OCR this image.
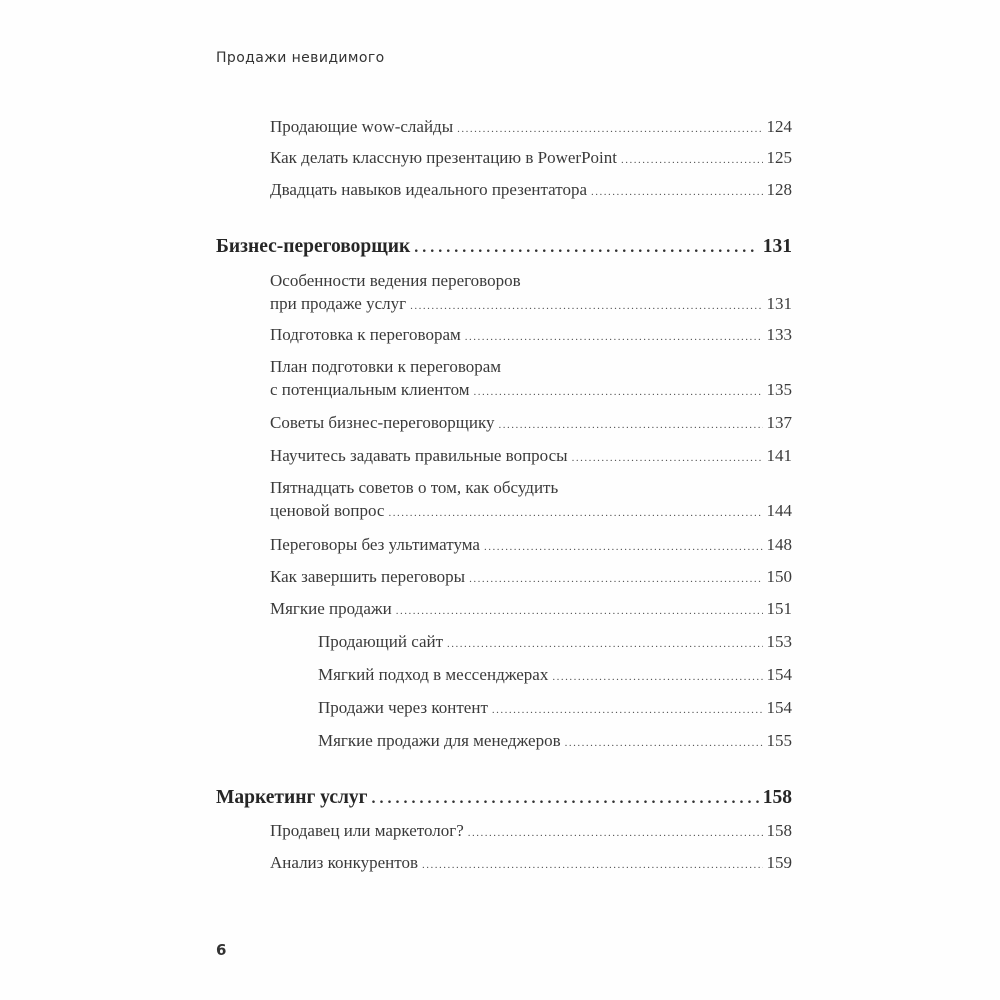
Продажи невидимого
Продающие wow-слайды .....	124
Как делать классную презентацию в PowerPoint .....	125
Двадцать навыков идеального презентатора .....	128
Бизнес-переговорщик .....	131
Особенности ведения переговоров
при продаже услуг .....	131
Подготовка к переговорам .....	133
План подготовки к переговорам
с потенциальным клиентом .....	135
Советы бизнес-переговорщику .....	137
Научитесь задавать правильные вопросы .....	141
Пятнадцать советов о том, как обсудить
ценовой вопрос .....	144
Переговоры без ультиматума .....	148
Как завершить переговоры .....	150
Мягкие продажи .....	151
Продающий сайт .....	153
Мягкий подход в мессенджерах .....	154
Продажи через контент .....	154
Мягкие продажи для менеджеров .....	155
Маркетинг услуг .....	158
Продавец или маркетолог? .....	158
Анализ конкурентов .....	159
6
